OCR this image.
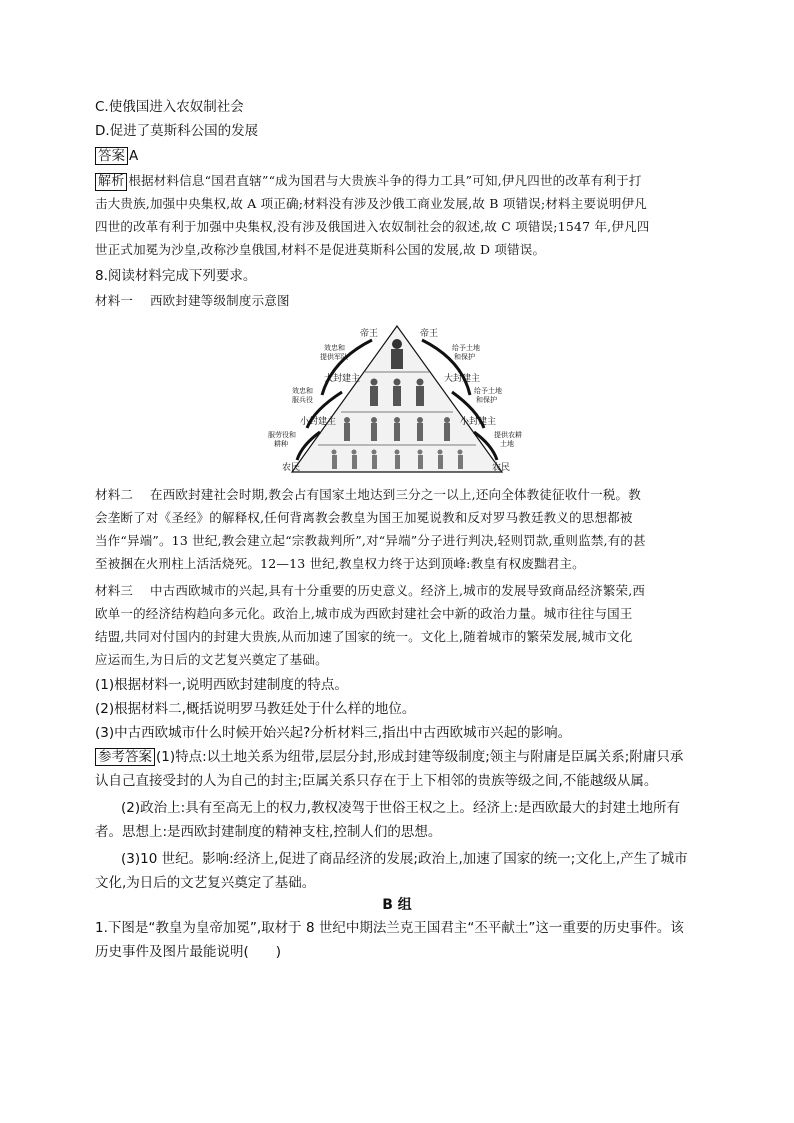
C.使俄国进入农奴制社会
D.促进了莫斯科公国的发展
答案 A
解析 根据材料信息“国君直辖”“成为国君与大贵族斗争的得力工具”可知,伊凡四世的改革有利于打
击大贵族,加强中央集权,故 A 项正确;材料没有涉及沙俄工商业发展,故 B 项错误;材料主要说明伊凡
四世的改革有利于加强中央集权,没有涉及俄国进入农奴制社会的叙述,故 C 项错误;1547 年,伊凡四
世正式加冕为沙皇,改称沙皇俄国,材料不是促进莫斯科公国的发展,故 D 项错误。
8.阅读材料完成下列要求。
材料一　 西欧封建等级制度示意图
帝王	帝王
效忠和
提供军队
给予土地
和保护
大封建主	大封建主
效忠和
服兵役
给予土地
和保护
小封建主	小封建主
服劳役和
耕种
提供农耕
土地
农民	农民
材料二　 在西欧封建社会时期,教会占有国家土地达到三分之一以上,还向全体教徒征收什一税。教
会垄断了对《圣经》的解释权,任何背离教会教皇为国王加冕说教和反对罗马教廷教义的思想都被
当作“异端”。13 世纪,教会建立起“宗教裁判所”,对“异端”分子进行判决,轻则罚款,重则监禁,有的甚
至被捆在火刑柱上活活烧死。12—13 世纪,教皇权力终于达到顶峰:教皇有权废黜君主。
材料三　 中古西欧城市的兴起,具有十分重要的历史意义。经济上,城市的发展导致商品经济繁荣,西
欧单一的经济结构趋向多元化。政治上,城市成为西欧封建社会中新的政治力量。城市往往与国王
结盟,共同对付国内的封建大贵族,从而加速了国家的统一。文化上,随着城市的繁荣发展,城市文化
应运而生,为日后的文艺复兴奠定了基础。
(1)根据材料一,说明西欧封建制度的特点。
(2)根据材料二,概括说明罗马教廷处于什么样的地位。
(3)中古西欧城市什么时候开始兴起?分析材料三,指出中古西欧城市兴起的影响。
参考答案 (1)特点:以土地关系为纽带,层层分封,形成封建等级制度;领主与附庸是臣属关系;附庸只承
认自己直接受封的人为自己的封主;臣属关系只存在于上下相邻的贵族等级之间,不能越级从属。
(2)政治上:具有至高无上的权力,教权凌驾于世俗王权之上。经济上:是西欧最大的封建土地所有
者。思想上:是西欧封建制度的精神支柱,控制人们的思想。
(3)10 世纪。影响:经济上,促进了商品经济的发展;政治上,加速了国家的统一;文化上,产生了城市
文化,为日后的文艺复兴奠定了基础。
B 组
1.下图是“教皇为皇帝加冕”,取材于 8 世纪中期法兰克王国君主“丕平献土”这一重要的历史事件。该
历史事件及图片最能说明(　　)
